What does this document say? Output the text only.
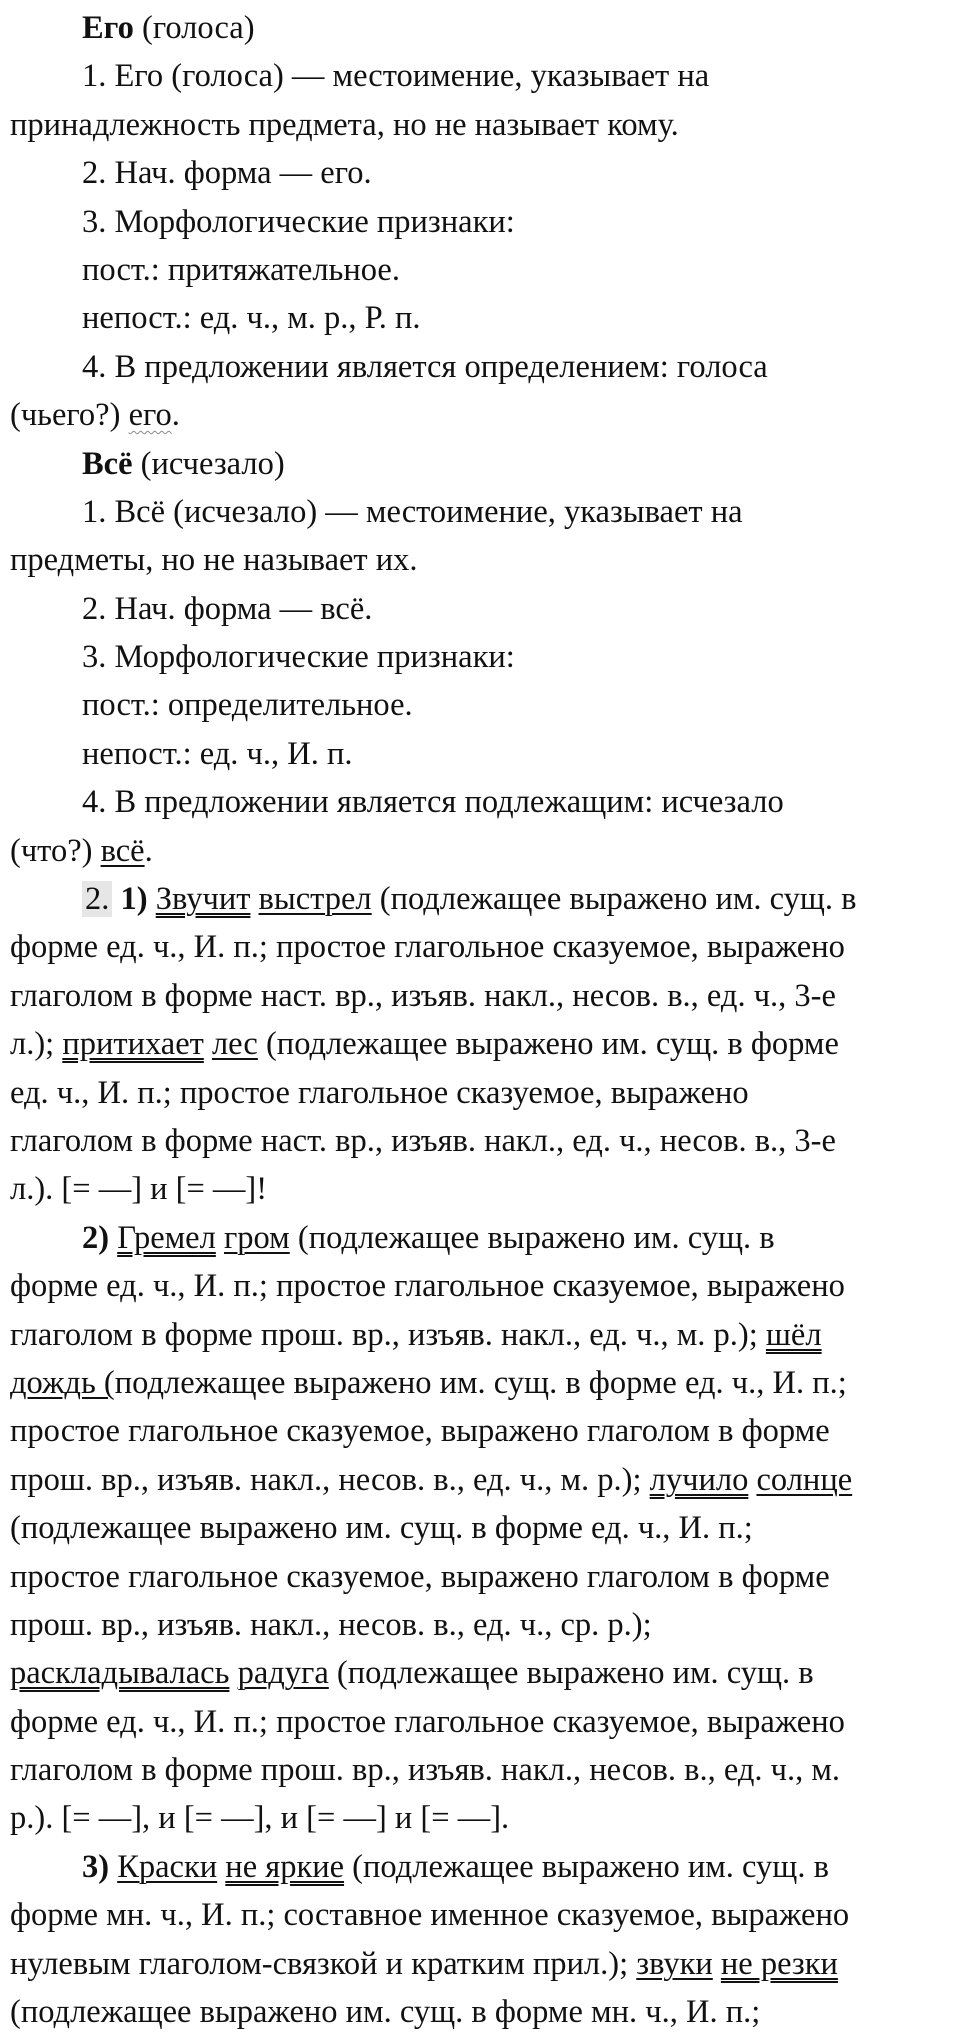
Его (голоса)
1. Его (голоса) — местоимение, указывает на
принадлежность предмета, но не называет кому.
2. Нач. форма — его.
3. Морфологические признаки:
пост.: притяжательное.
непост.: ед. ч., м. р., Р. п.
4. В предложении является определением: голоса
(чьего?) его.
Всё (исчезало)
1. Всё (исчезало) — местоимение, указывает на
предметы, но не называет их.
2. Нач. форма — всё.
3. Морфологические признаки:
пост.: определительное.
непост.: ед. ч., И. п.
4. В предложении является подлежащим: исчезало
(что?) всё.
2. 1) Звучит выстрел (подлежащее выражено им. сущ. в
форме ед. ч., И. п.; простое глагольное сказуемое, выражено
глаголом в форме наст. вр., изъяв. накл., несов. в., ед. ч., 3-е
л.); притихает лес (подлежащее выражено им. сущ. в форме
ед. ч., И. п.; простое глагольное сказуемое, выражено
глаголом в форме наст. вр., изъяв. накл., ед. ч., несов. в., 3-е
л.). [= —] и [= —]!
2) Гремел гром (подлежащее выражено им. сущ. в
форме ед. ч., И. п.; простое глагольное сказуемое, выражено
глаголом в форме прош. вр., изъяв. накл., ед. ч., м. р.); шёл
дождь (подлежащее выражено им. сущ. в форме ед. ч., И. п.;
простое глагольное сказуемое, выражено глаголом в форме
прош. вр., изъяв. накл., несов. в., ед. ч., м. р.); лучило солнце
(подлежащее выражено им. сущ. в форме ед. ч., И. п.;
простое глагольное сказуемое, выражено глаголом в форме
прош. вр., изъяв. накл., несов. в., ед. ч., ср. р.);
раскладывалась радуга (подлежащее выражено им. сущ. в
форме ед. ч., И. п.; простое глагольное сказуемое, выражено
глаголом в форме прош. вр., изъяв. накл., несов. в., ед. ч., м.
р.). [= —], и [= —], и [= —] и [= —].
3) Краски не яркие (подлежащее выражено им. сущ. в
форме мн. ч., И. п.; составное именное сказуемое, выражено
нулевым глаголом-связкой и кратким прил.); звуки не резки
(подлежащее выражено им. сущ. в форме мн. ч., И. п.;
